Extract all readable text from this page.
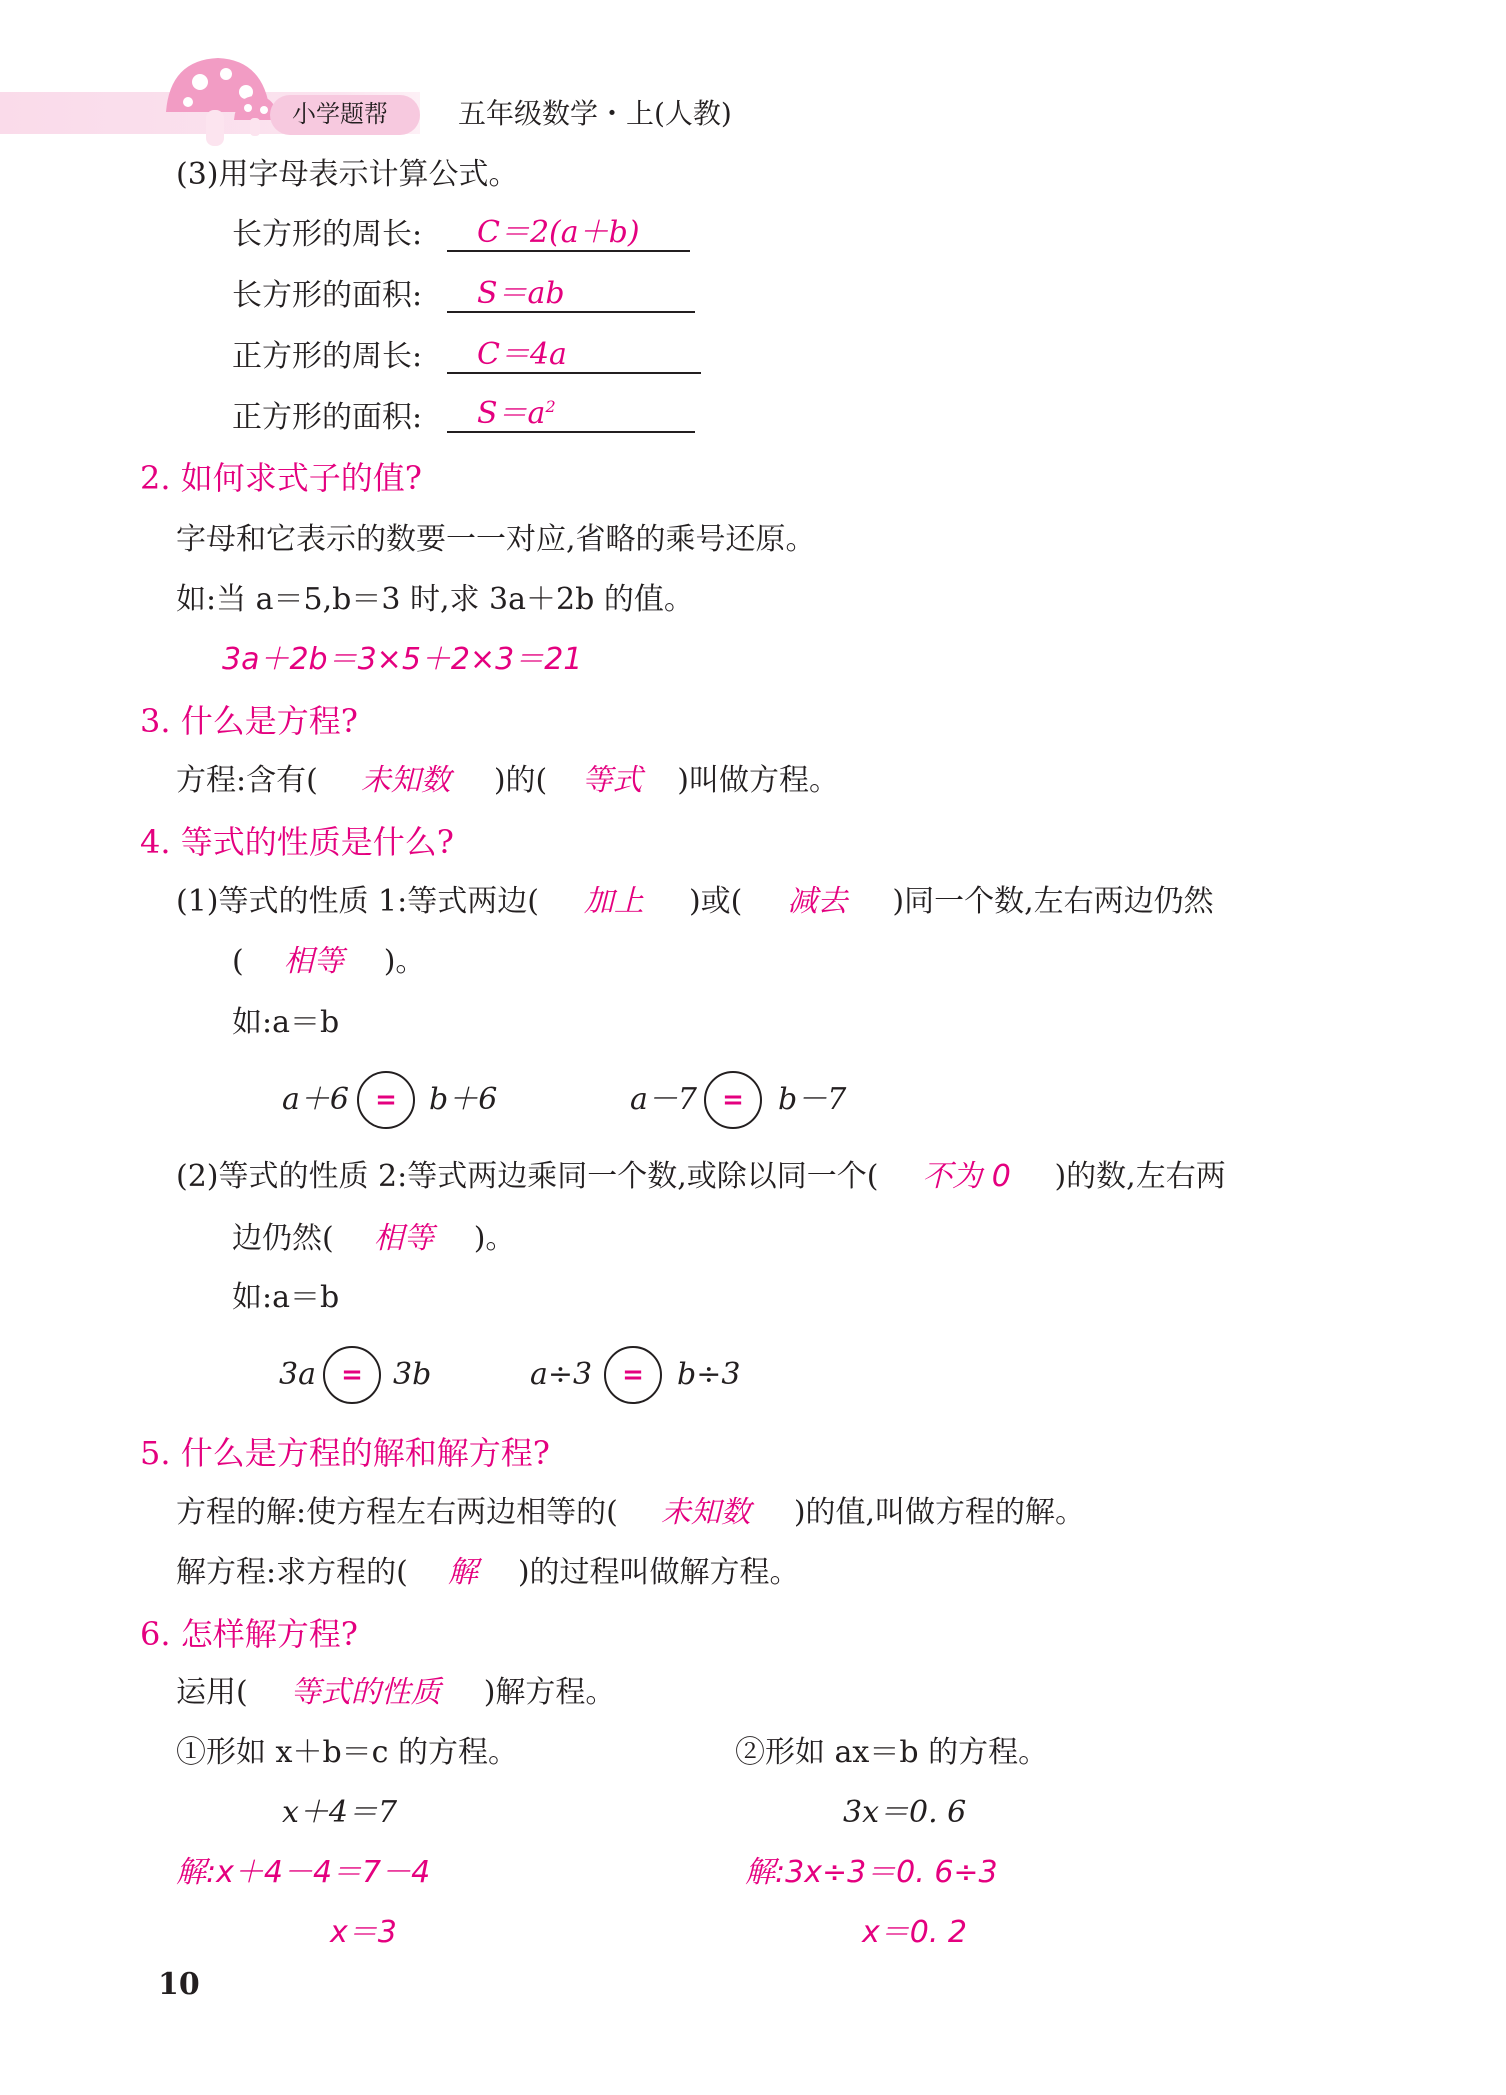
小学题帮	五年级数学・上(人教)
(3)用字母表示计算公式。
长方形的周长:	C＝2(a＋b)
长方形的面积:	S＝ab
正方形的周长:	C＝4a
正方形的面积:	$S=a^2$
2. 如何求式子的值?
字母和它表示的数要一一对应,省略的乘号还原。
如:当 a＝5,b＝3 时,求 3a＋2b 的值。
3a＋2b＝3×5＋2×3＝21
3. 什么是方程?
方程:含有( 未知数 )的( 等式 )叫做方程。
4. 等式的性质是什么?
(1)等式的性质 1:等式两边( 加上 )或( 减去 )同一个数,左右两边仍然
( 相等 )。
如:a＝b
a＋6	=	b＋6	a－7 =	b－7
(2)等式的性质 2:等式两边乘同一个数,或除以同一个( 不为 0 )的数,左右两
边仍然( 相等 )。
如:a＝b
3a =	3b	a÷3	=	b÷3
5. 什么是方程的解和解方程?
方程的解:使方程左右两边相等的( 未知数 )的值,叫做方程的解。
解方程:求方程的( 解 )的过程叫做解方程。
6. 怎样解方程?
运用( 等式的性质 )解方程。
①形如 x＋b＝c 的方程。
x＋4＝7
解:x＋4－4＝7－4
x＝3
②形如 ax＝b 的方程。
3x＝0. 6
解:3x÷3＝0. 6÷3
x＝0. 2
10
